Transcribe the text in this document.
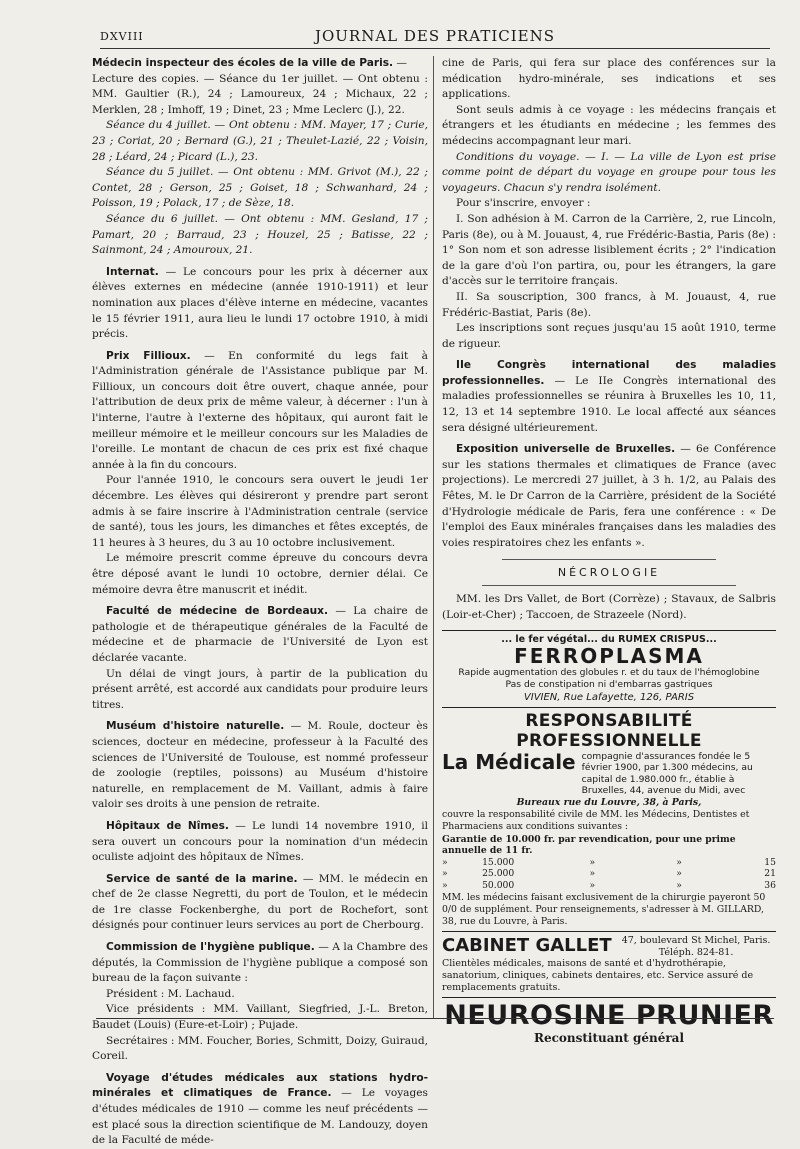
DXVIII	JOURNAL DES PRATICIENS

Médecin inspecteur des écoles de la ville de Paris. —

Lecture des copies. — Séance du 1er juillet. — Ont obtenu : MM. Gaultier (R.), 24 ; Lamoureux, 24 ; Michaux, 22 ; Merklen, 28 ; Imhoff, 19 ; Dinet, 23 ; Mme Leclerc (J.), 22.

Séance du 4 juillet. — Ont obtenu : MM. Mayer, 17 ; Curie, 23 ; Coriat, 20 ; Bernard (G.), 21 ; Theulet-Lazié, 22 ; Voisin, 28 ; Léard, 24 ; Picard (L.), 23.

Séance du 5 juillet. — Ont obtenu : MM. Grivot (M.), 22 ; Contet, 28 ; Gerson, 25 ; Goiset, 18 ; Schwanhard, 24 ; Poisson, 19 ; Polack, 17 ; de Sèze, 18.

Séance du 6 juillet. — Ont obtenu : MM. Gesland, 17 ; Pamart, 20 ; Barraud, 23 ; Houzel, 25 ; Batisse, 22 ; Sainmont, 24 ; Amouroux, 21.

Internat. — Le concours pour les prix à décerner aux élèves externes en médecine (année 1910-1911) et leur nomination aux places d'élève interne en médecine, vacantes le 15 février 1911, aura lieu le lundi 17 octobre 1910, à midi précis.

Prix Fillioux. — En conformité du legs fait à l'Administration générale de l'Assistance publique par M. Fillioux, un concours doit être ouvert, chaque année, pour l'attribution de deux prix de même valeur, à décerner : l'un à l'interne, l'autre à l'externe des hôpitaux, qui auront fait le meilleur mémoire et le meilleur concours sur les Maladies de l'oreille. Le montant de chacun de ces prix est fixé chaque année à la fin du concours.

Pour l'année 1910, le concours sera ouvert le jeudi 1er décembre. Les élèves qui désireront y prendre part seront admis à se faire inscrire à l'Administration centrale (service de santé), tous les jours, les dimanches et fêtes exceptés, de 11 heures à 3 heures, du 3 au 10 octobre inclusivement.

Le mémoire prescrit comme épreuve du concours devra être déposé avant le lundi 10 octobre, dernier délai. Ce mémoire devra être manuscrit et inédit.

Faculté de médecine de Bordeaux. — La chaire de pathologie et de thérapeutique générales de la Faculté de médecine et de pharmacie de l'Université de Lyon est déclarée vacante.

Un délai de vingt jours, à partir de la publication du présent arrêté, est accordé aux candidats pour produire leurs titres.

Muséum d'histoire naturelle. — M. Roule, docteur ès sciences, docteur en médecine, professeur à la Faculté des sciences de l'Université de Toulouse, est nommé professeur de zoologie (reptiles, poissons) au Muséum d'histoire naturelle, en remplacement de M. Vaillant, admis à faire valoir ses droits à une pension de retraite.

Hôpitaux de Nîmes. — Le lundi 14 novembre 1910, il sera ouvert un concours pour la nomination d'un médecin oculiste adjoint des hôpitaux de Nîmes.

Service de santé de la marine. — MM. le médecin en chef de 2e classe Negretti, du port de Toulon, et le médecin de 1re classe Fockenberghe, du port de Rochefort, sont désignés pour continuer leurs services au port de Cherbourg.

Commission de l'hygiène publique. — A la Chambre des députés, la Commission de l'hygiène publique a composé son bureau de la façon suivante :

Président : M. Lachaud.

Vice présidents : MM. Vaillant, Siegfried, J.-L. Breton, Baudet (Louis) (Eure-et-Loir) ; Pujade.

Secrétaires : MM. Foucher, Bories, Schmitt, Doizy, Guiraud, Coreil.

Voyage d'études médicales aux stations hydro-minérales et climatiques de France. — Le voyages d'études médicales de 1910 — comme les neuf précédents — est placé sous la direction scientifique de M. Landouzy, doyen de la Faculté de méde-

cine de Paris, qui fera sur place des conférences sur la médication hydro-minérale, ses indications et ses applications.

Sont seuls admis à ce voyage : les médecins français et étrangers et les étudiants en médecine ; les femmes des médecins accompagnant leur mari.

Conditions du voyage. — I. — La ville de Lyon est prise comme point de départ du voyage en groupe pour tous les voyageurs. Chacun s'y rendra isolément.

Pour s'inscrire, envoyer :

I. Son adhésion à M. Carron de la Carrière, 2, rue Lincoln, Paris (8e), ou à M. Jouaust, 4, rue Frédéric-Bastia, Paris (8e) : 1° Son nom et son adresse lisiblement écrits ; 2° l'indication de la gare d'où l'on partira, ou, pour les étrangers, la gare d'accès sur le territoire français.

II. Sa souscription, 300 francs, à M. Jouaust, 4, rue Frédéric-Bastiat, Paris (8e).

Les inscriptions sont reçues jusqu'au 15 août 1910, terme de rigueur.

IIe Congrès international des maladies professionnelles. — Le IIe Congrès international des maladies professionnelles se réunira à Bruxelles les 10, 11, 12, 13 et 14 septembre 1910. Le local affecté aux séances sera désigné ultérieurement.

Exposition universelle de Bruxelles. — 6e Conférence sur les stations thermales et climatiques de France (avec projections). Le mercredi 27 juillet, à 3 h. 1/2, au Palais des Fêtes, M. le Dr Carron de la Carrière, président de la Société d'Hydrologie médicale de Paris, fera une conférence : « De l'emploi des Eaux minérales françaises dans les maladies des voies respiratoires chez les enfants ».

NÉCROLOGIE

MM. les Drs Vallet, de Bort (Corrèze) ; Stavaux, de Salbris (Loir-et-Cher) ; Taccoen, de Strazeele (Nord).

... le fer végétal... du RUMEX CRISPUS...
FERROPLASMA
Rapide augmentation des globules r. et du taux de l'hémoglobine
Pas de constipation ni d'embarras gastriques
VIVIEN, Rue Lafayette, 126, PARIS
RESPONSABILITÉ PROFESSIONNELLE
La Médicale compagnie d'assurances fondée le 5 février 1900, par 1.300 médecins, au capital de 1.980.000 fr., établie à Bruxelles, 44, avenue du Midi, avec
Bureaux rue du Louvre, 38, à Paris,
couvre la responsabilité civile de MM. les Médecins, Dentistes et Pharmaciens aux conditions suivantes :
Garantie de 10.000 fr. par revendication, pour une prime annuelle de 11 fr.
»	15.000	»	»	15
»	25.000	»	»	21
»	50.000	»	»	36
MM. les médecins faisant exclusivement de la chirurgie payeront 50 0/0 de supplément. Pour renseignements, s'adresser à M. GILLARD, 38, rue du Louvre, à Paris.
CABINET GALLET 47, boulevard St Michel, Paris.
Téléph. 824-81.
Clientèles médicales, maisons de santé et d'hydrothérapie, sanatorium, cliniques, cabinets dentaires, etc. Service assuré de remplacements gratuits.
NEUROSINE PRUNIER
Reconstituant général
